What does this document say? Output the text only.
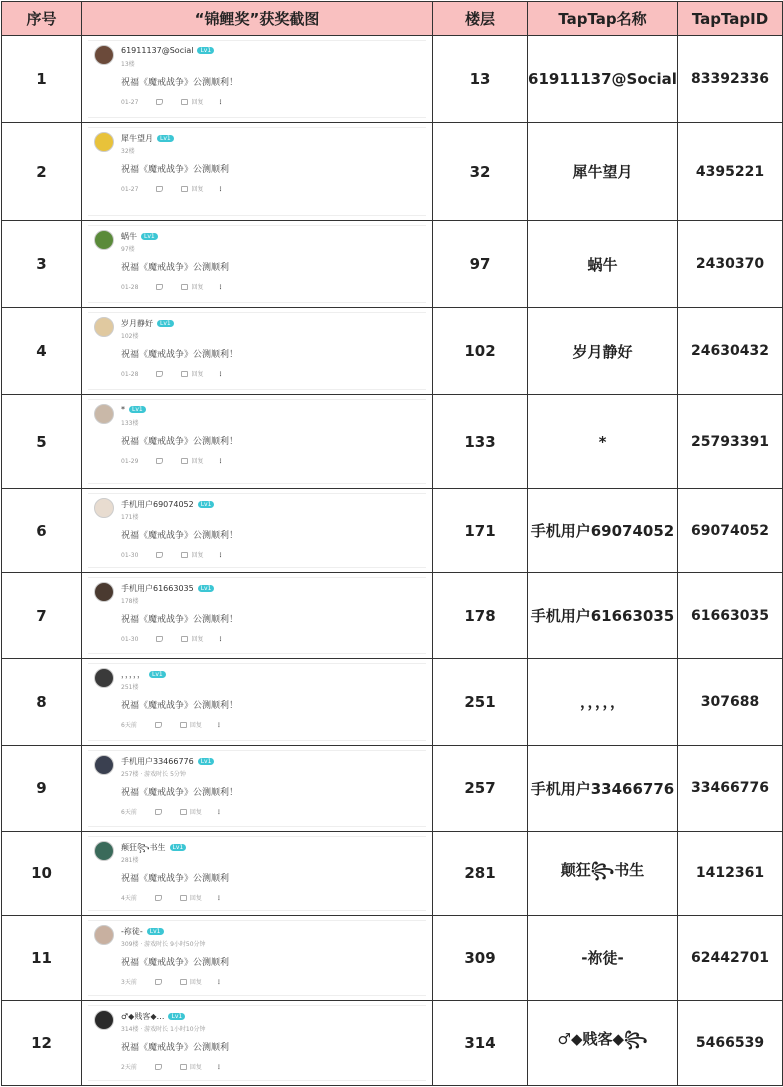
序号	“锦鲤奖”获奖截图	楼层	TapTap名称	TapTapID
1	61911137@Social Lv1
13楼
祝福《魔戒战争》公测顺利！
01-27 回复 ⋮	13	61911137@Social	83392336
2	犀牛望月 Lv1
32楼
祝福《魔戒战争》公测顺利
01-27 回复 ⋮	32	犀牛望月	4395221
3	蜗牛 Lv1
97楼
祝福《魔戒战争》公测顺利
01-28 回复 ⋮	97	蜗牛	2430370
4	岁月静好 Lv1
102楼
祝福《魔戒战争》公测顺利！
01-28 回复 ⋮	102	岁月静好	24630432
5	* Lv1
133楼
祝福《魔戒战争》公测顺利！
01-29 回复 ⋮	133	*	25793391
6	手机用户69074052 Lv1
171楼
祝福《魔戒战争》公测顺利！
01-30 回复 ⋮	171	手机用户69074052	69074052
7	手机用户61663035 Lv1
178楼
祝福《魔戒战争》公测顺利！
01-30 回复 ⋮	178	手机用户61663035	61663035
8	，，，，， Lv1
251楼
祝福《魔戒战争》公测顺利！
6天前 回复 ⋮	251	，，，，，	307688
9	手机用户33466776 Lv1
257楼 · 游戏时长 5分钟
祝福《魔戒战争》公测顺利！
6天前 回复 ⋮	257	手机用户33466776	33466776
10	颠狂꧂书生 Lv1
281楼
祝福《魔戒战争》公测顺利
4天前 回复 ⋮	281	颠狂꧂书生	1412361
11	-祢徒- Lv1
309楼 · 游戏时长 9小时50分钟
祝福《魔戒战争》公测顺利
3天前 回复 ⋮	309	-祢徒-	62442701
12	♂◆贱客◆… Lv1
314楼 · 游戏时长 1小时10分钟
祝福《魔戒战争》公测顺利
2天前 回复 ⋮	314	♂◆贱客◆꧂	5466539
